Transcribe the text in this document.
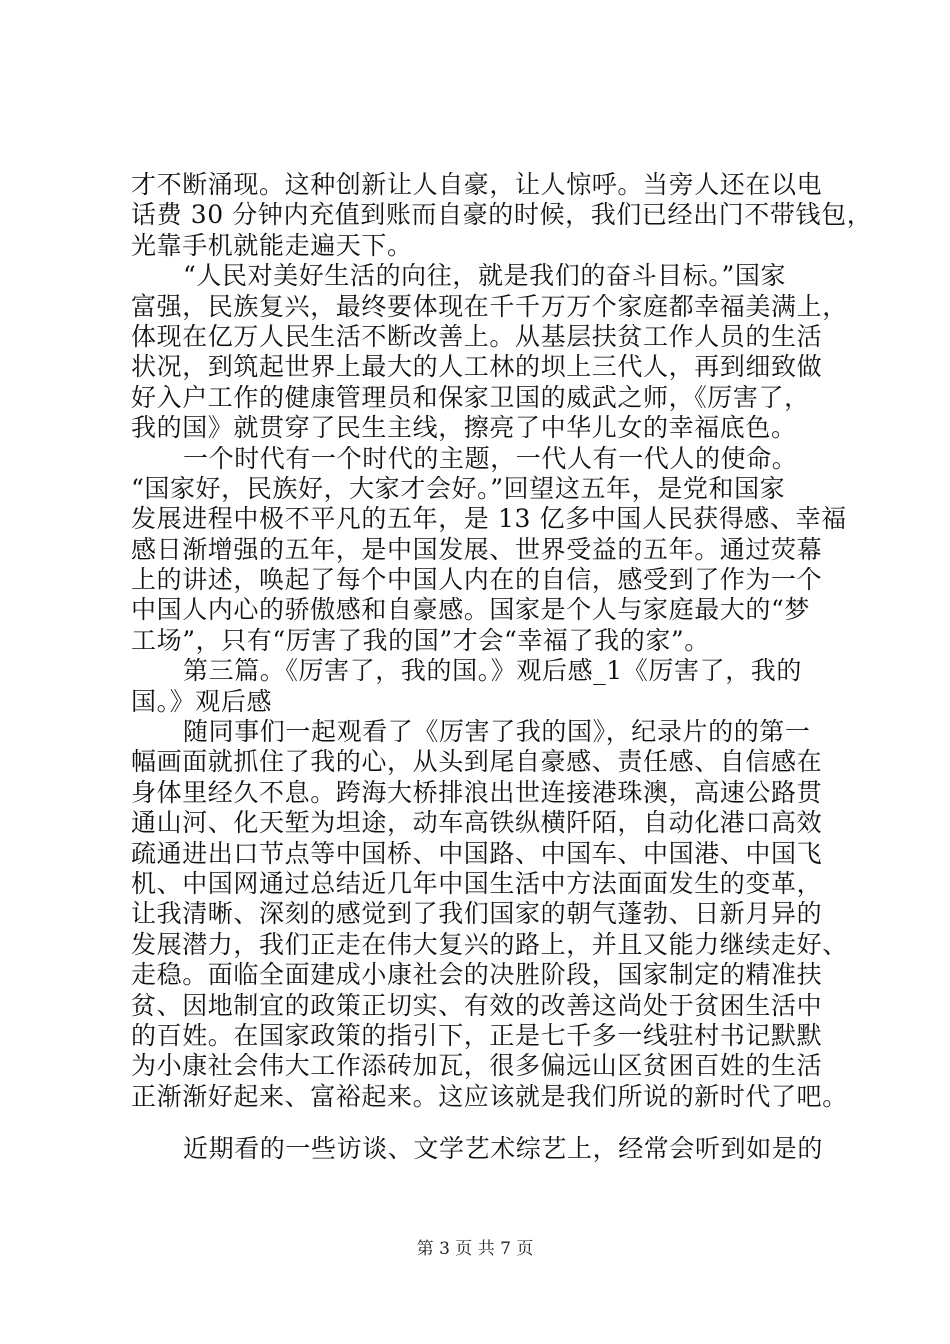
才不断涌现。这种创新让人自豪，让人惊呼。当旁人还在以电
话费 30 分钟内充值到账而自豪的时候，我们已经出门不带钱包，
光靠手机就能走遍天下。
“人民对美好生活的向往，就是我们的奋斗目标。”国家
富强，民族复兴，最终要体现在千千万万个家庭都幸福美满上，
体现在亿万人民生活不断改善上。从基层扶贫工作人员的生活
状况，到筑起世界上最大的人工林的坝上三代人，再到细致做
好入户工作的健康管理员和保家卫国的威武之师，《厉害了，
我的国》就贯穿了民生主线，擦亮了中华儿女的幸福底色。
一个时代有一个时代的主题，一代人有一代人的使命。
“国家好，民族好，大家才会好。”回望这五年，是党和国家
发展进程中极不平凡的五年，是 13 亿多中国人民获得感、幸福
感日渐增强的五年，是中国发展、世界受益的五年。通过荧幕
上的讲述，唤起了每个中国人内在的自信，感受到了作为一个
中国人内心的骄傲感和自豪感。国家是个人与家庭最大的“梦
工场”，只有“厉害了我的国”才会“幸福了我的家”。
第三篇。《厉害了，我的国。》观后感_1《厉害了，我的
国。》观后感
随同事们一起观看了《厉害了我的国》，纪录片的的第一
幅画面就抓住了我的心，从头到尾自豪感、责任感、自信感在
身体里经久不息。跨海大桥排浪出世连接港珠澳，高速公路贯
通山河、化天堑为坦途，动车高铁纵横阡陌，自动化港口高效
疏通进出口节点等中国桥、中国路、中国车、中国港、中国飞
机、中国网通过总结近几年中国生活中方法面面发生的变革，
让我清晰、深刻的感觉到了我们国家的朝气蓬勃、日新月异的
发展潜力，我们正走在伟大复兴的路上，并且又能力继续走好、
走稳。面临全面建成小康社会的决胜阶段，国家制定的精准扶
贫、因地制宜的政策正切实、有效的改善这尚处于贫困生活中
的百姓。在国家政策的指引下，正是七千多一线驻村书记默默
为小康社会伟大工作添砖加瓦，很多偏远山区贫困百姓的生活
正渐渐好起来、富裕起来。这应该就是我们所说的新时代了吧。
近期看的一些访谈、文学艺术综艺上，经常会听到如是的
第 3 页 共 7 页
